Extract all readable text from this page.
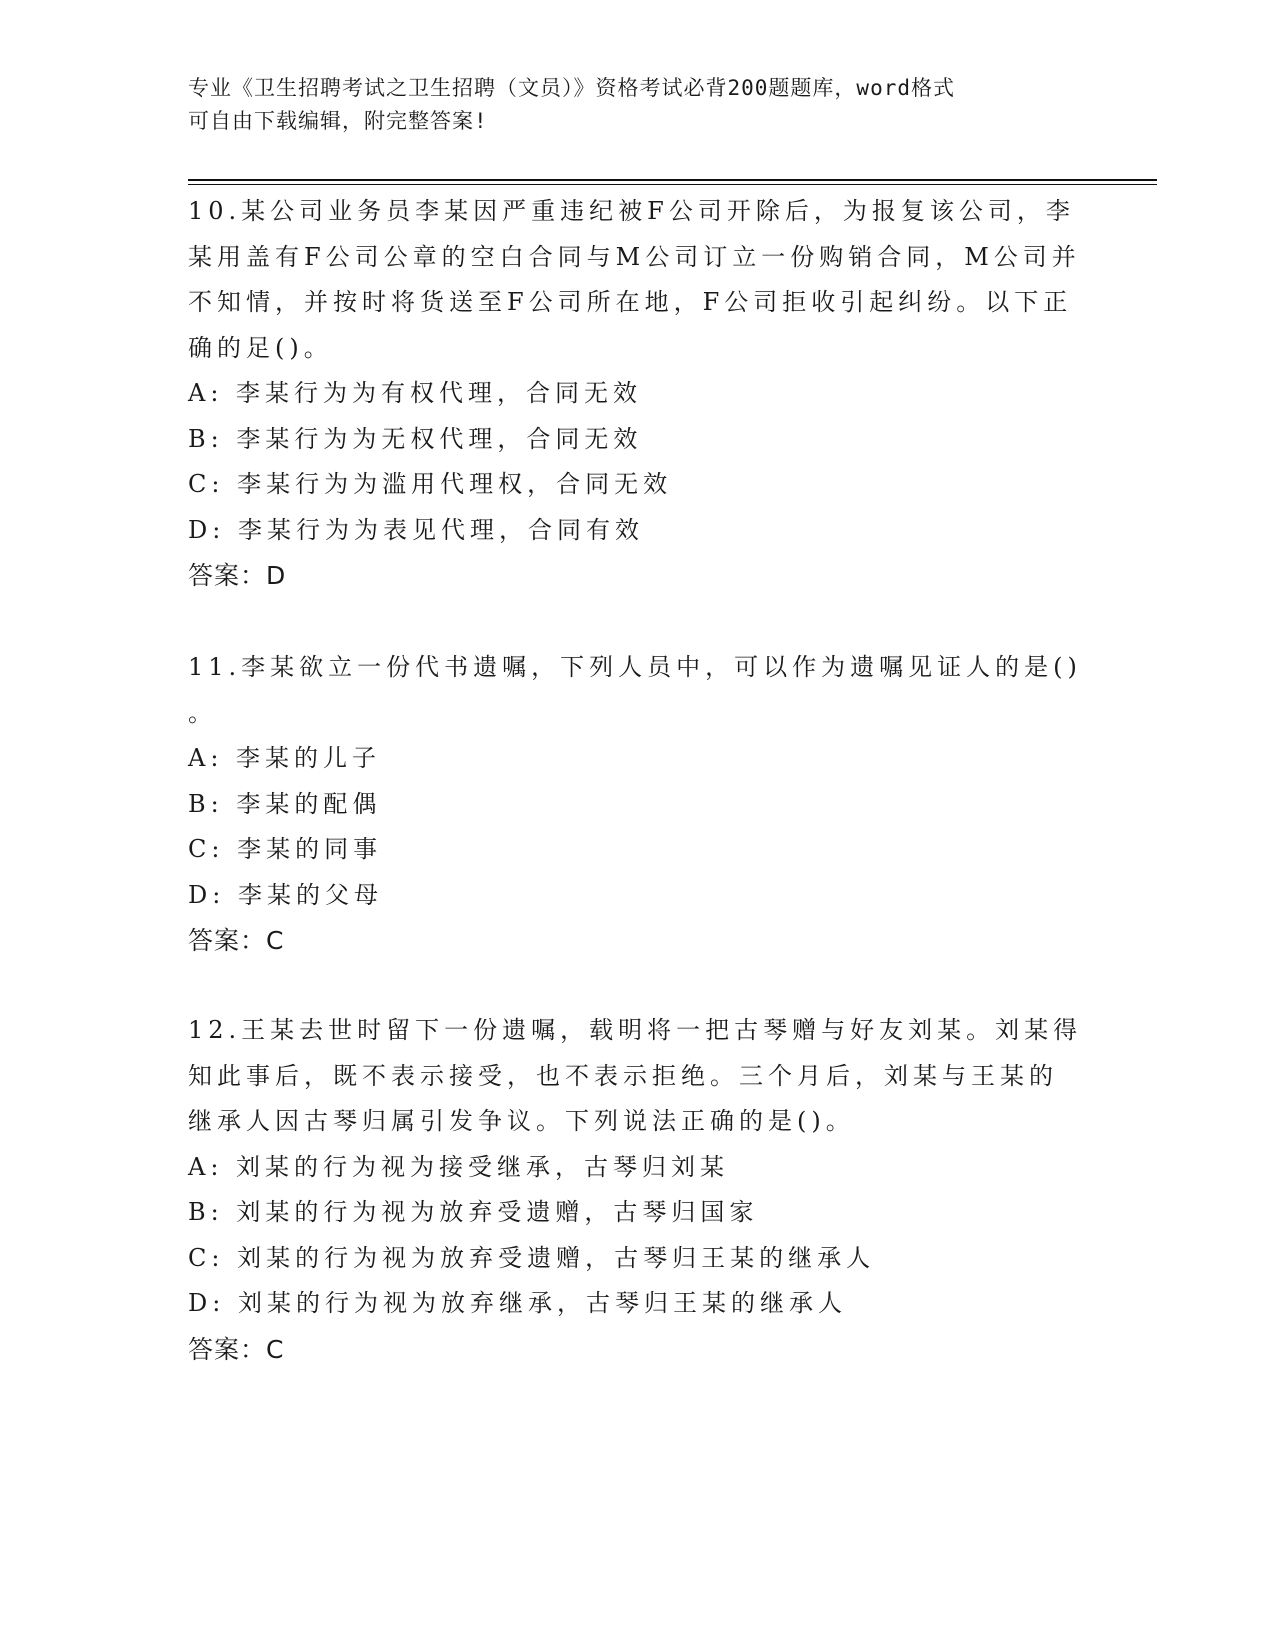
专业《卫生招聘考试之卫生招聘（文员）》资格考试必背200题题库，word格式
可自由下载编辑，附完整答案!
10.某公司业务员李某因严重违纪被F公司开除后，为报复该公司，李
某用盖有F公司公章的空白合同与M公司订立一份购销合同，M公司并
不知情，并按时将货送至F公司所在地，F公司拒收引起纠纷。以下正
确的足()。
A: 李某行为为有权代理，合同无效
B: 李某行为为无权代理，合同无效
C: 李某行为为滥用代理权，合同无效
D: 李某行为为表见代理，合同有效
答案：D
11.李某欲立一份代书遗嘱，下列人员中，可以作为遗嘱见证人的是()
。
A: 李某的儿子
B: 李某的配偶
C: 李某的同事
D: 李某的父母
答案：C
12.王某去世时留下一份遗嘱，载明将一把古琴赠与好友刘某。刘某得
知此事后，既不表示接受，也不表示拒绝。三个月后，刘某与王某的
继承人因古琴归属引发争议。下列说法正确的是()。
A: 刘某的行为视为接受继承，古琴归刘某
B: 刘某的行为视为放弃受遗赠，古琴归国家
C: 刘某的行为视为放弃受遗赠，古琴归王某的继承人
D: 刘某的行为视为放弃继承，古琴归王某的继承人
答案：C
